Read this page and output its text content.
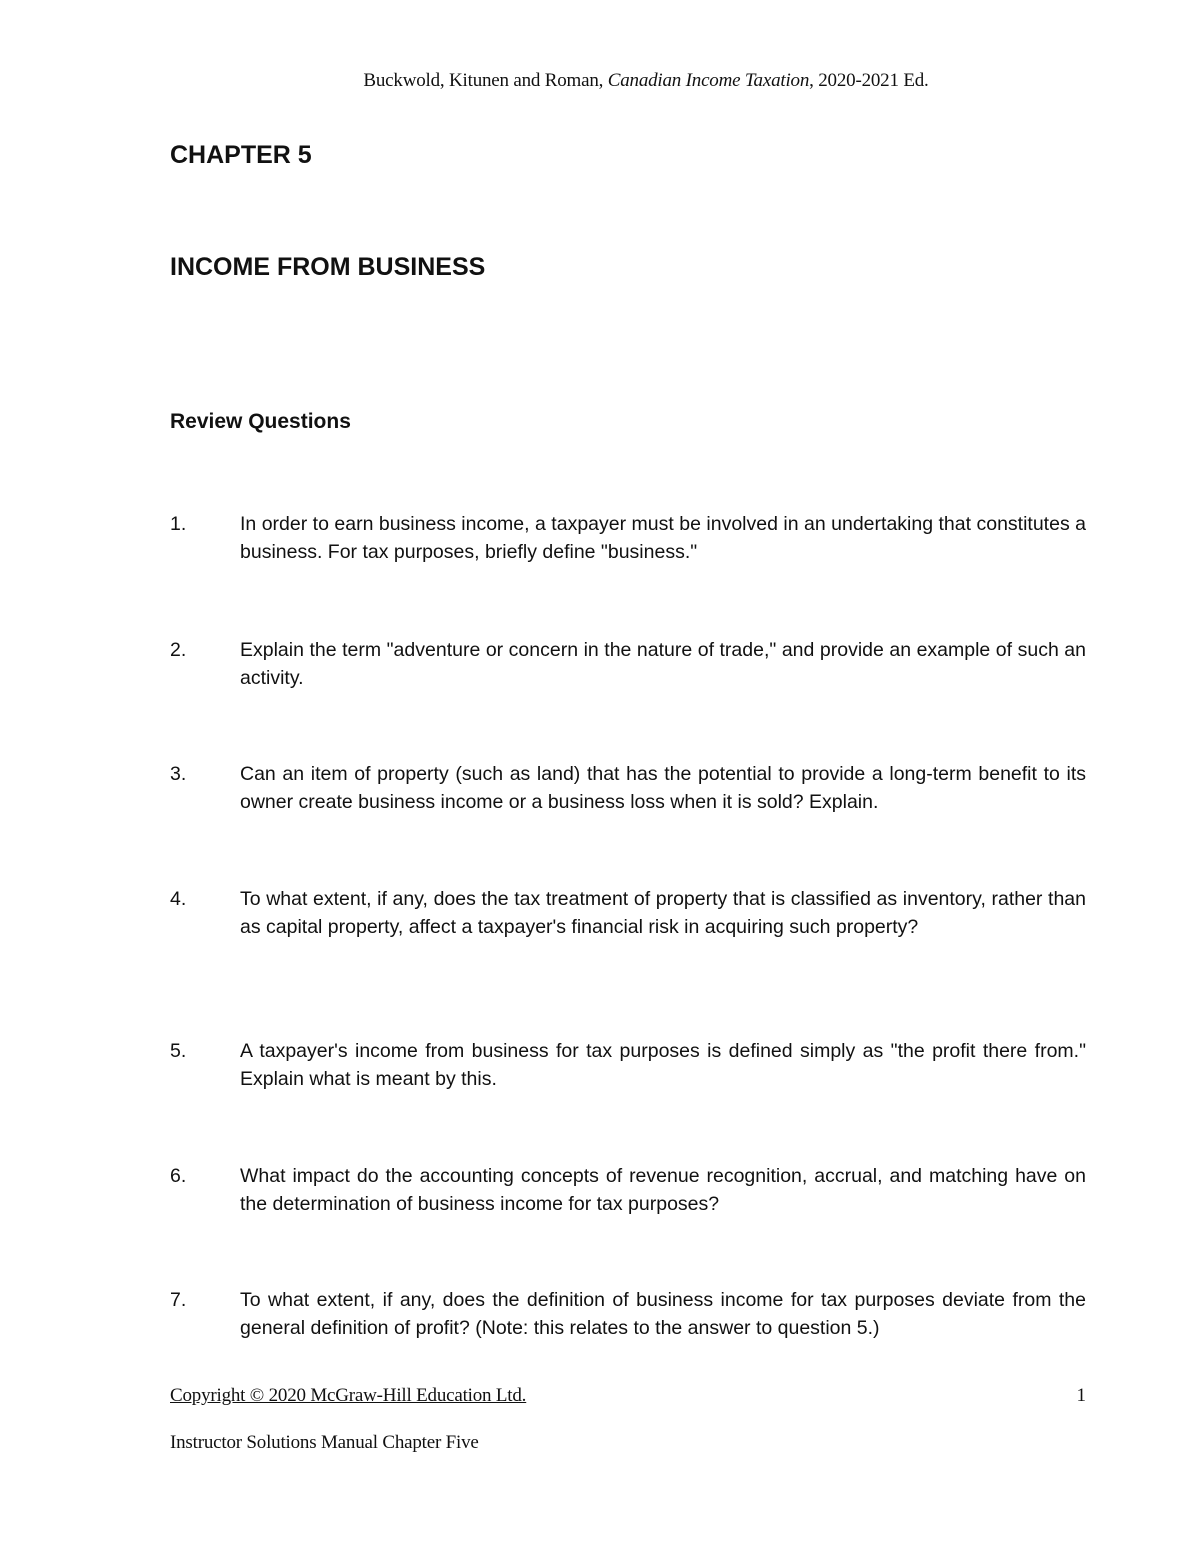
Buckwold, Kitunen and Roman, Canadian Income Taxation, 2020-2021 Ed.
CHAPTER 5
INCOME FROM BUSINESS
Review Questions
1.	In order to earn business income, a taxpayer must be involved in an undertaking that constitutes a business. For tax purposes, briefly define "business."
2.	Explain the term "adventure or concern in the nature of trade," and provide an example of such an activity.
3.	Can an item of property (such as land) that has the potential to provide a long-term benefit to its owner create business income or a business loss when it is sold? Explain.
4.	To what extent, if any, does the tax treatment of property that is classified as inventory, rather than as capital property, affect a taxpayer's financial risk in acquiring such property?
5.	A taxpayer's income from business for tax purposes is defined simply as "the profit there from." Explain what is meant by this.
6.	What impact do the accounting concepts of revenue recognition, accrual, and matching have on the determination of business income for tax purposes?
7.	To what extent, if any, does the definition of business income for tax purposes deviate from the general definition of profit? (Note: this relates to the answer to question 5.)
Copyright © 2020 McGraw-Hill Education Ltd.	1
Instructor Solutions Manual Chapter Five
